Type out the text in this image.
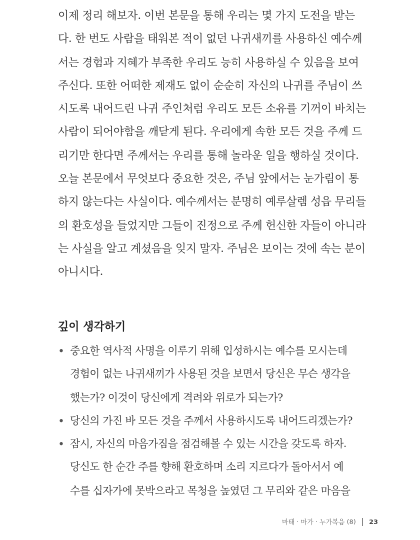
이제 정리 해보자. 이번 본문을 통해 우리는 몇 가지 도전을 받는
다. 한 번도 사람을 태워본 적이 없던 나귀새끼를 사용하신 예수께
서는 경험과 지혜가 부족한 우리도 능히 사용하실 수 있음을 보여
주신다. 또한 어떠한 제재도 없이 순순히 자신의 나귀를 주님이 쓰
시도록 내어드린 나귀 주인처럼 우리도 모든 소유를 기꺼이 바치는
사람이 되어야함을 깨닫게 된다. 우리에게 속한 모든 것을 주께 드
리기만 한다면 주께서는 우리를 통해 놀라운 일을 행하실 것이다.
오늘 본문에서 무엇보다 중요한 것은, 주님 앞에서는 눈가림이 통
하지 않는다는 사실이다. 예수께서는 분명히 예루살렘 성읍 무리들
의 환호성을 들었지만 그들이 진정으로 주께 헌신한 자들이 아니라
는 사실을 알고 계셨음을 잊지 말자. 주님은 보이는 것에 속는 분이
아니시다.
깊이 생각하기
• 중요한 역사적 사명을 이루기 위해 입성하시는 예수를 모시는데
경험이 없는 나귀새끼가 사용된 것을 보면서 당신은 무슨 생각을
했는가? 이것이 당신에게 격려와 위로가 되는가?
• 당신의 가진 바 모든 것을 주께서 사용하시도록 내어드리겠는가?
• 잠시, 자신의 마음가짐을 점검해볼 수 있는 시간을 갖도록 하자.
당신도 한 순간 주를 향해 환호하며 소리 지르다가 돌아서서 예
수를 십자가에 못박으라고 목청을 높였던 그 무리와 같은 마음을
마태 · 마가 · 누가복음 (8) 23
